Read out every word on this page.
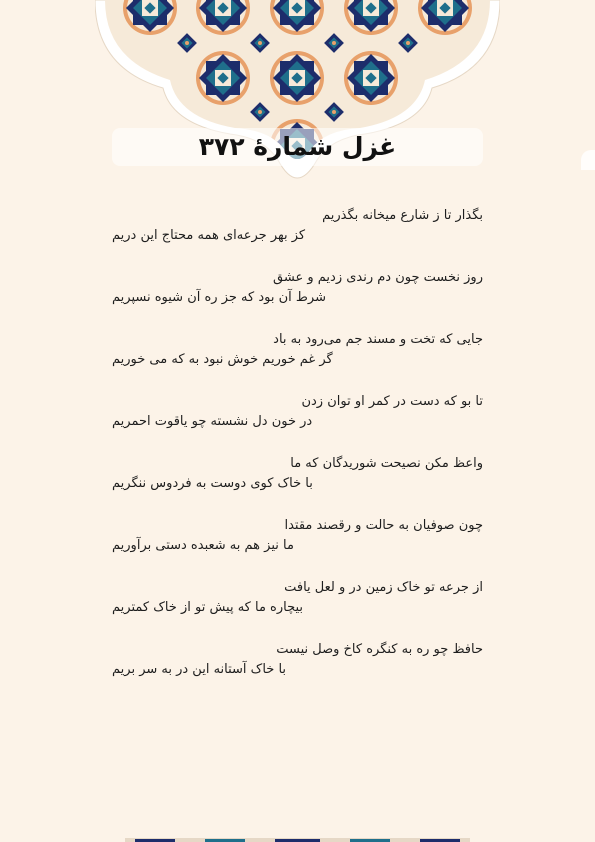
غزل شمارهٔ ۳۷۲
بگذار تا ز شارع میخانه بگذریم
کز بهر جرعه‌ای همه محتاج این دریم
روز نخست چون دم رندی زدیم و عشق
شرط آن بود که جز ره آن شیوه نسپریم
جایی که تخت و مسند جم می‌رود به باد
گر غم خوریم خوش نبود به که می خوریم
تا بو که دست در کمر او توان زدن
در خون دل نشسته چو یاقوت احمریم
واعظ مکن نصیحت شوریدگان که ما
با خاک کوی دوست به فردوس ننگریم
چون صوفیان به حالت و رقصند مقتدا
ما نیز هم به شعبده دستی برآوریم
از جرعه تو خاک زمین در و لعل یافت
بیچاره ما که پیش تو از خاک کمتریم
حافظ چو ره به کنگره کاخ وصل نیست
با خاک آستانه این در به سر بریم
